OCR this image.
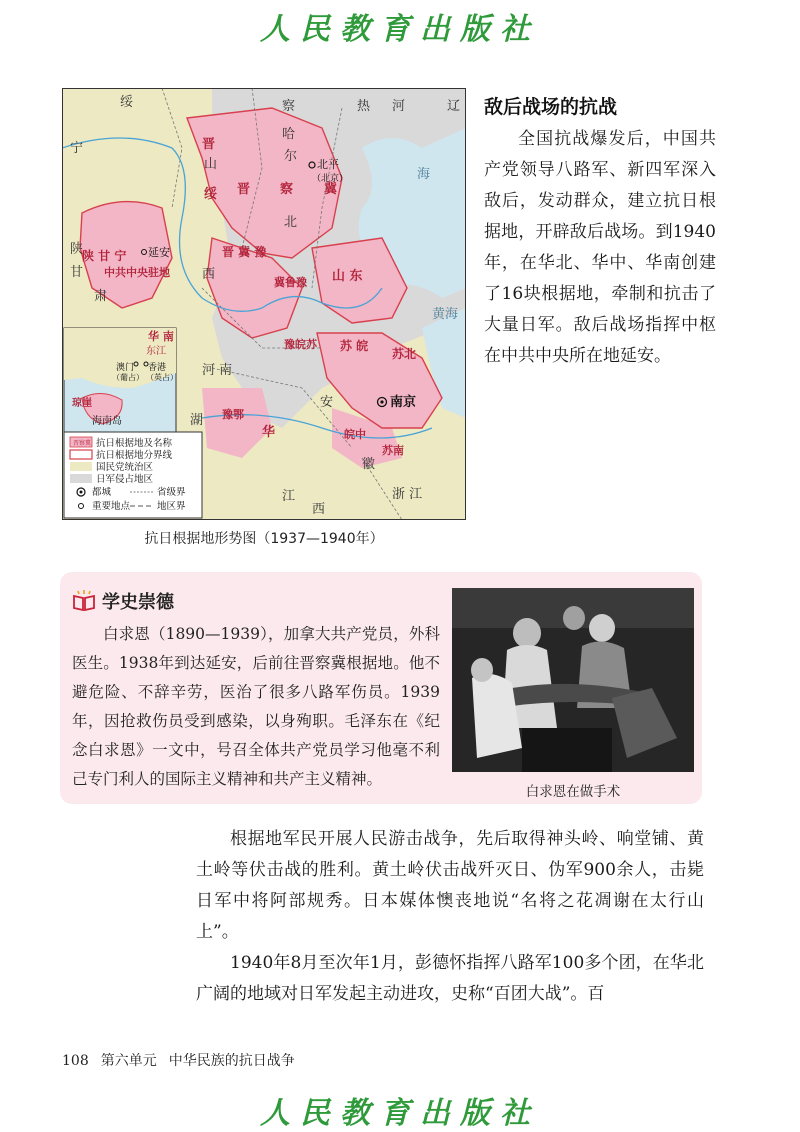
人民教育出版社
绥	察	热 河	辽
宁	晋
哈
尔
北平
（北京）
晋 察 冀
绥
山
北
陕 甘 宁 延安
中共中央驻地
陕
甘
肃
西
晋 冀 豫
山 东
冀鲁豫
豫皖苏 苏 皖
苏北
海
黄海
华 南
东江
澳门
（葡占）
香港
（英占）
琼崖
海南岛
河 南
安
湖 豫鄂
华	皖中
南京
苏南
徽
浙 江
江
西
晋察冀 抗日根据地及名称
抗日根据地分界线
国民党统治区
日军侵占地区
都城
重要地点
省级界
地区界
抗日根据地形势图（1937—1940年）
敌后战场的抗战

全国抗战爆发后，中国共产党领导八路军、新四军深入敌后，发动群众，建立抗日根据地，开辟敌后战场。到1940年，在华北、华中、华南创建了16块根据地，牵制和抗击了大量日军。敌后战场指挥中枢在中共中央所在地延安。

学史崇德

白求恩（1890—1939），加拿大共产党员，外科医生。1938年到达延安，后前往晋察冀根据地。他不避危险、不辞辛劳，医治了很多八路军伤员。1939年，因抢救伤员受到感染，以身殉职。毛泽东在《纪念白求恩》一文中，号召全体共产党员学习他毫不利己专门利人的国际主义精神和共产主义精神。

白求恩在做手术

根据地军民开展人民游击战争，先后取得神头岭、响堂铺、黄土岭等伏击战的胜利。黄土岭伏击战歼灭日、伪军900余人，击毙日军中将阿部规秀。日本媒体懊丧地说“名将之花凋谢在太行山上”。

1940年8月至次年1月，彭德怀指挥八路军100多个团，在华北广阔的地域对日军发起主动进攻，史称“百团大战”。百

108 第六单元 中华民族的抗日战争
人民教育出版社
